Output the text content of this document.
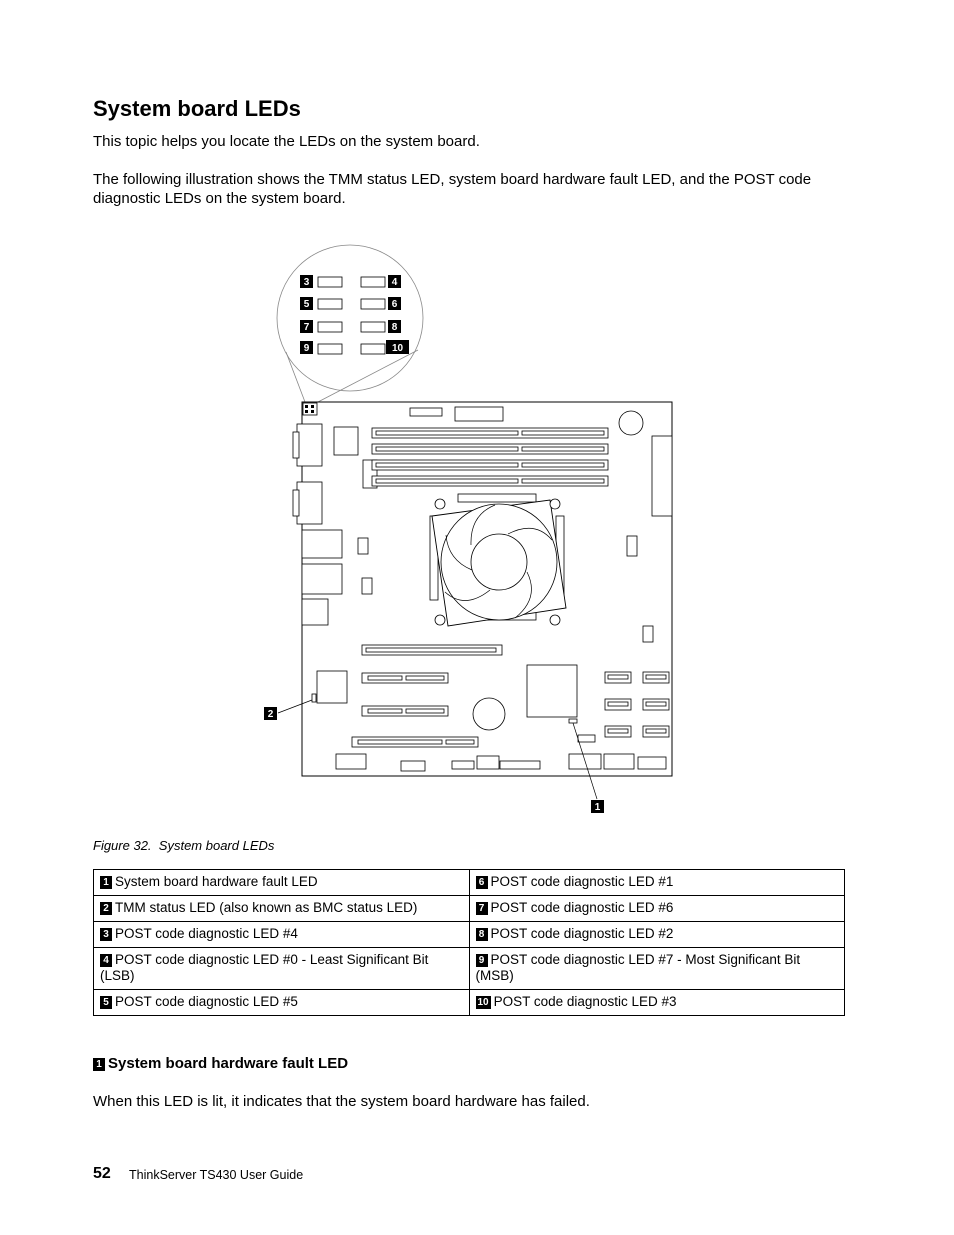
System board LEDs

This topic helps you locate the LEDs on the system board.

The following illustration shows the TMM status LED, system board hardware fault LED, and the POST code diagnostic LEDs on the system board.

3	4
5	6
7	8
9	10
2
1

Figure 32. System board LEDs

1 System board hardware fault LED	6 POST code diagnostic LED #1
2 TMM status LED (also known as BMC status LED)	7 POST code diagnostic LED #6
3 POST code diagnostic LED #4	8 POST code diagnostic LED #2
4 POST code diagnostic LED #0 - Least Significant Bit (LSB)	9 POST code diagnostic LED #7 - Most Significant Bit (MSB)
5 POST code diagnostic LED #5	10 POST code diagnostic LED #3
1 System board hardware fault LED

When this LED is lit, it indicates that the system board hardware has failed.

52 ThinkServer TS430 User Guide
